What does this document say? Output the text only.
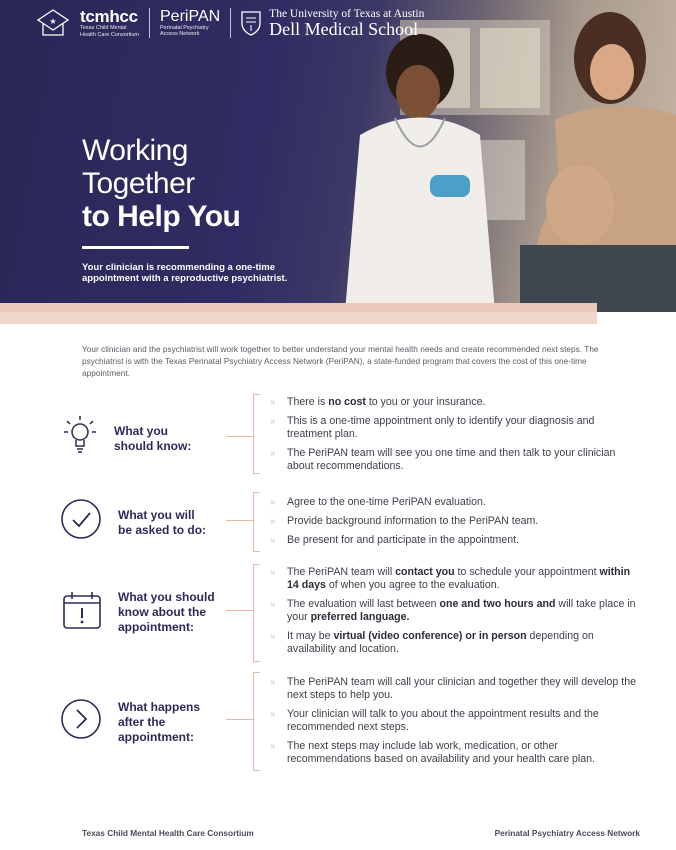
★ tcmhcc
Texas Child Mental
Health Care Consortium
PeriPAN
Perinatal Psychiatry
Access Network
The University of Texas at Austin
Dell Medical School
Working
Together
to Help You
Your clinician is recommending a one-time
appointment with a reproductive psychiatrist.

Your clinician and the psychiatrist will work together to better understand your mental health needs and create recommended next steps. The psychiatrist is with the Texas Perinatal Psychiatry Access Network (PeriPAN), a state-funded program that covers the cost of this one-time appointment.

What you
should know:
» There is no cost to you or your insurance.
» This is a one-time appointment only to identify your diagnosis and treatment plan.
» The PeriPAN team will see you one time and then talk to your clinician about recommendations.
What you will
be asked to do:
» Agree to the one-time PeriPAN evaluation.
» Provide background information to the PeriPAN team.
» Be present for and participate in the appointment.
What you should
know about the
appointment:
» The PeriPAN team will contact you to schedule your appointment within 14 days of when you agree to the evaluation.
» The evaluation will last between one and two hours and will take place in your preferred language.
» It may be virtual (video conference) or in person depending on availability and location.
What happens
after the
appointment:
» The PeriPAN team will call your clinician and together they will develop the next steps to help you.
» Your clinician will talk to you about the appointment results and the recommended next steps.
» The next steps may include lab work, medication, or other recommendations based on availability and your health care plan.
Texas Child Mental Health Care Consortium	Perinatal Psychiatry Access Network
